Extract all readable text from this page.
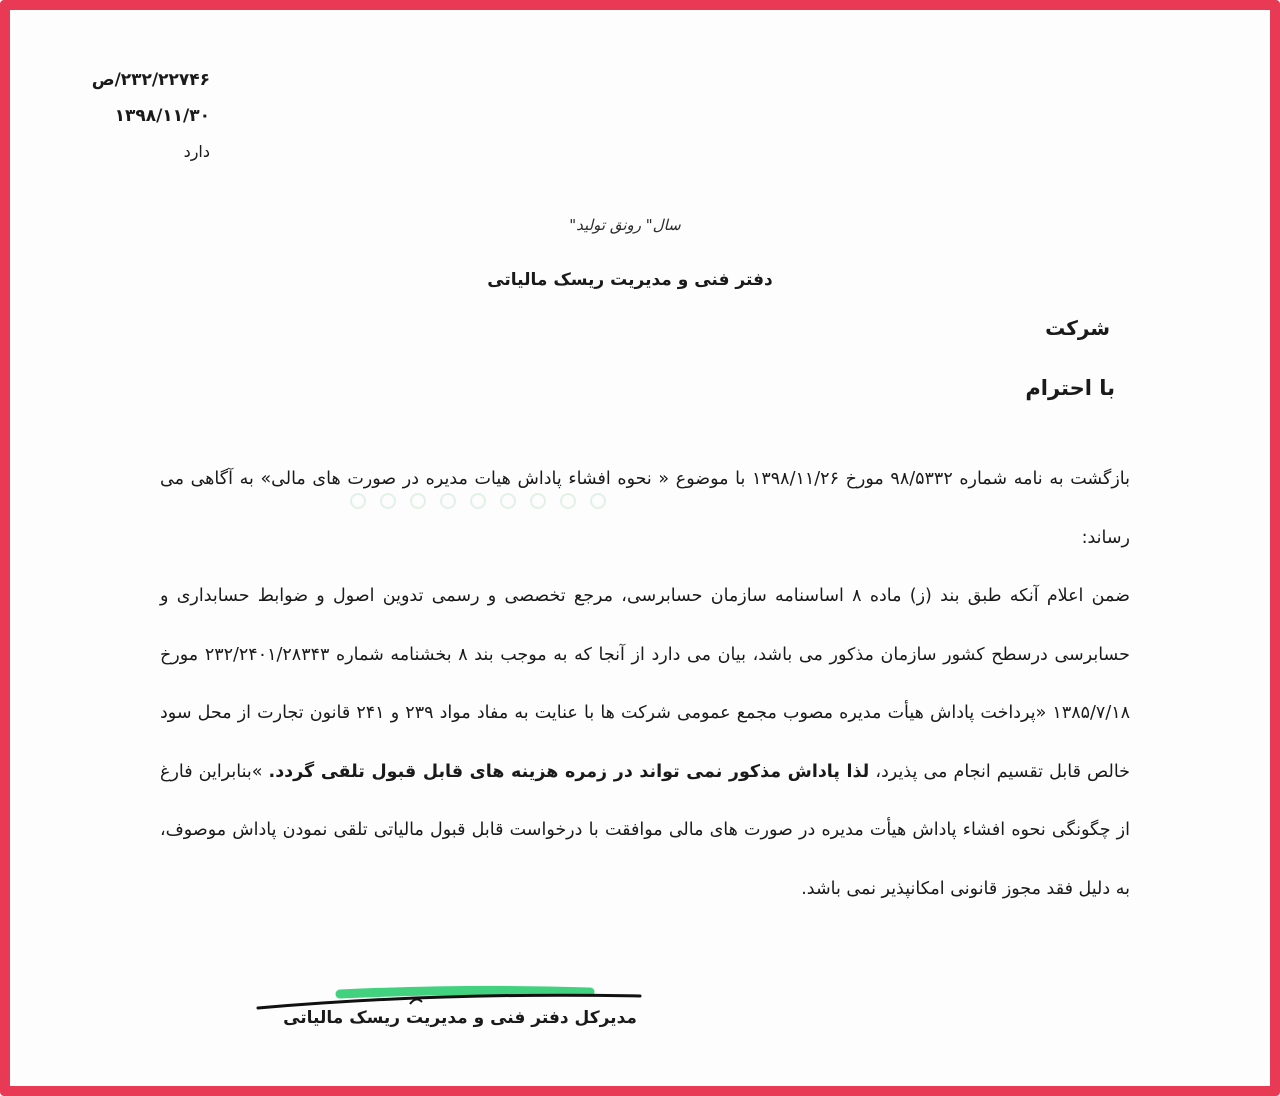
۲۳۲/۲۲۷۴۶/ص
۱۳۹۸/۱۱/۳۰
دارد
سال" رونق تولید"
دفتر فنی و مدیریت ریسک مالیاتی
شرکت
با احترام

بازگشت به نامه شماره ۹۸/۵۳۳۲ مورخ ۱۳۹۸/۱۱/۲۶ با موضوع « نحوه افشاء پاداش هیات مدیره در صورت های مالی» به آگاهی می رساند:

ضمن اعلام آنکه طبق بند (ز) ماده ۸ اساسنامه سازمان حسابرسی، مرجع تخصصی و رسمی تدوین اصول و ضوابط حسابداری و حسابرسی درسطح کشور سازمان مذکور می باشد، بیان می دارد از آنجا که به موجب بند ۸ بخشنامه شماره ۲۳۲/۲۴۰۱/۲۸۳۴۳ مورخ ۱۳۸۵/۷/۱۸ «پرداخت پاداش هیأت مدیره مصوب مجمع عمومی شرکت ها با عنایت به مفاد مواد ۲۳۹ و ۲۴۱ قانون تجارت از محل سود خالص قابل تقسیم انجام می پذیرد، لذا پاداش مذکور نمی تواند در زمره هزینه های قابل قبول تلقی گردد. »بنابراین فارغ از چگونگی نحوه افشاء پاداش هیأت مدیره در صورت های مالی موافقت با درخواست قابل قبول مالیاتی تلقی نمودن پاداش موصوف، به دلیل فقد مجوز قانونی امکانپذیر نمی باشد.

مدیرکل دفتر فنی و مدیریت ریسک مالیاتی
